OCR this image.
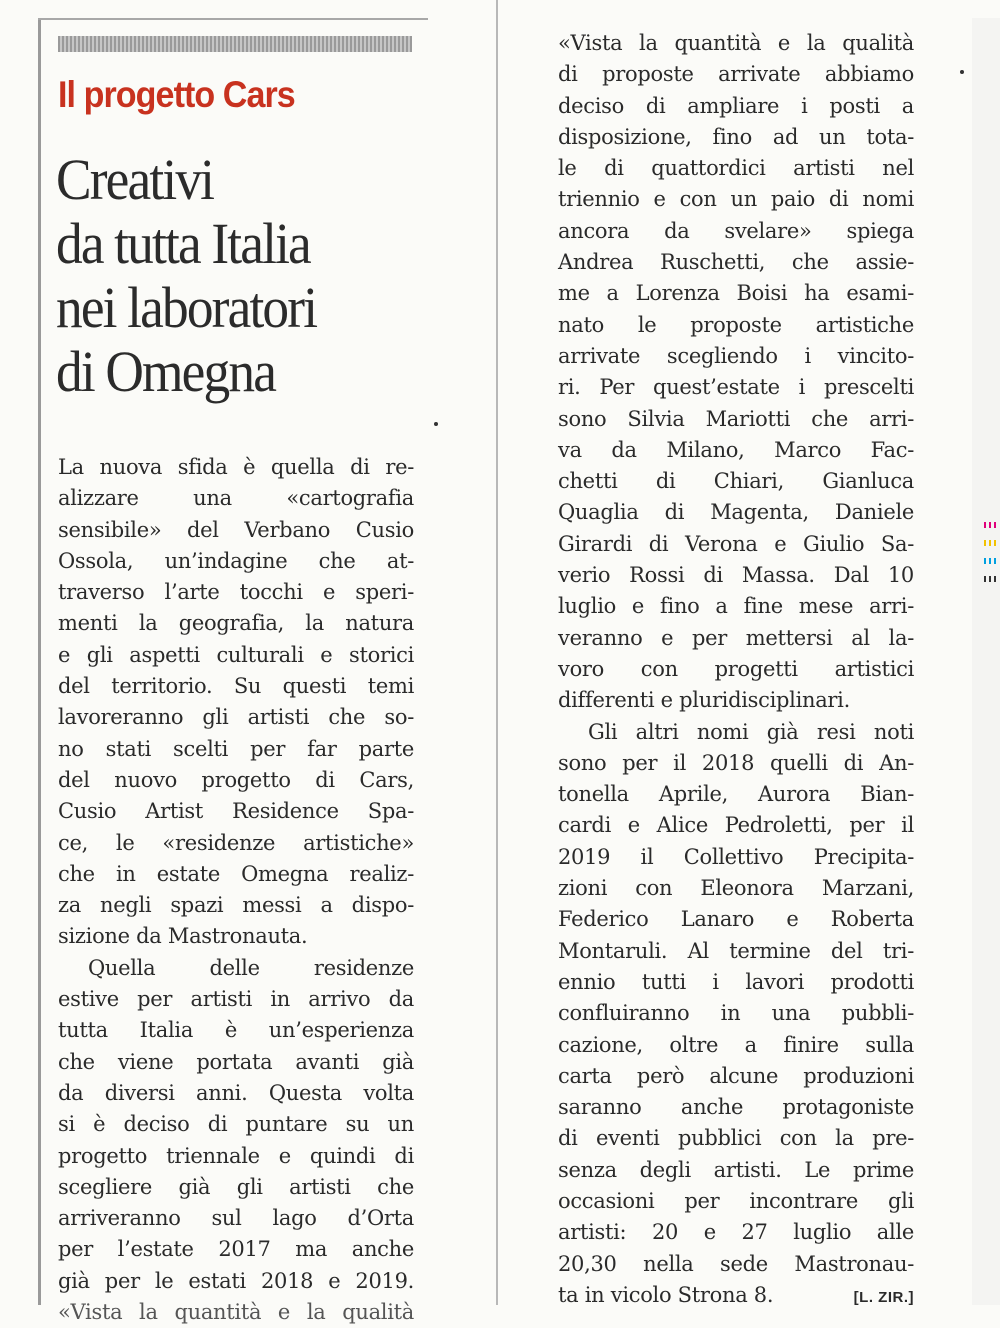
Il progetto Cars
Creativi
da tutta Italia
nei laboratori
di Omegna
La nuova sfida è quella di re-
alizzare una «cartografia
sensibile» del Verbano Cusio
Ossola, un’indagine che at-
traverso l’arte tocchi e speri-
menti la geografia, la natura
e gli aspetti culturali e storici
del territorio. Su questi temi
lavoreranno gli artisti che so-
no stati scelti per far parte
del nuovo progetto di Cars,
Cusio Artist Residence Spa-
ce, le «residenze artistiche»
che in estate Omegna realiz-
za negli spazi messi a dispo-
sizione da Mastronauta.
Quella delle residenze
estive per artisti in arrivo da
tutta Italia è un’esperienza
che viene portata avanti già
da diversi anni. Questa volta
si è deciso di puntare su un
progetto triennale e quindi di
scegliere già gli artisti che
arriveranno sul lago d’Orta
per l’estate 2017 ma anche
già per le estati 2018 e 2019.
«Vista la quantità e la qualità
«Vista la quantità e la qualità
di proposte arrivate abbiamo
deciso di ampliare i posti a
disposizione, fino ad un tota-
le di quattordici artisti nel
triennio e con un paio di nomi
ancora da svelare» spiega
Andrea Ruschetti, che assie-
me a Lorenza Boisi ha esami-
nato le proposte artistiche
arrivate scegliendo i vincito-
ri. Per quest’estate i prescelti
sono Silvia Mariotti che arri-
va da Milano, Marco Fac-
chetti di Chiari, Gianluca
Quaglia di Magenta, Daniele
Girardi di Verona e Giulio Sa-
verio Rossi di Massa. Dal 10
luglio e fino a fine mese arri-
veranno e per mettersi al la-
voro con progetti artistici
differenti e pluridisciplinari.
Gli altri nomi già resi noti
sono per il 2018 quelli di An-
tonella Aprile, Aurora Bian-
cardi e Alice Pedroletti, per il
2019 il Collettivo Precipita-
zioni con Eleonora Marzani,
Federico Lanaro e Roberta
Montaruli. Al termine del tri-
ennio tutti i lavori prodotti
confluiranno in una pubbli-
cazione, oltre a finire sulla
carta però alcune produzioni
saranno anche protagoniste
di eventi pubblici con la pre-
senza degli artisti. Le prime
occasioni per incontrare gli
artisti: 20 e 27 luglio alle
20,30 nella sede Mastronau-
ta in vicolo Strona 8.	[L. ZIR.]
